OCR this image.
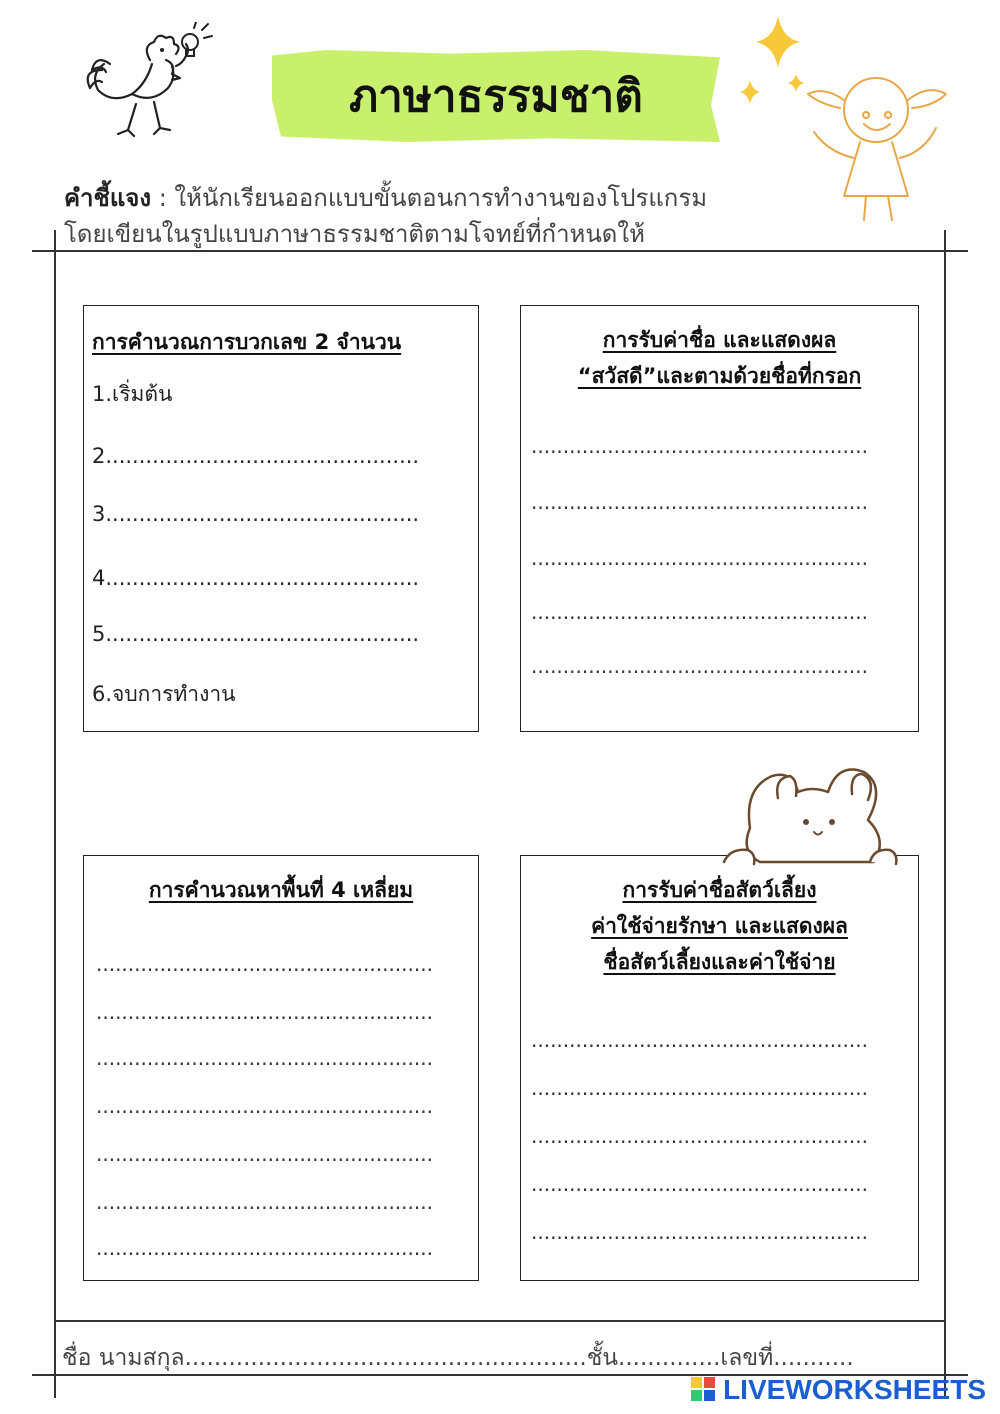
ภาษาธรรมชาติ
คำชี้แจง : ให้นักเรียนออกแบบขั้นตอนการทำงานของโปรแกรม
โดยเขียนในรูปแบบภาษาธรรมชาติตามโจทย์ที่กำหนดให้
การคำนวณการบวกเลข 2 จำนวน
1.เริ่มต้น
2...............................................
3...............................................
4...............................................
5...............................................
6.จบการทำงาน
การรับค่าชื่อ และแสดงผล
“สวัสดี”และตามด้วยชื่อที่กรอก
.....................................................
.....................................................
.....................................................
.....................................................
.....................................................
การคำนวณหาพื้นที่ 4 เหลี่ยม
.....................................................
.....................................................
.....................................................
.....................................................
.....................................................
.....................................................
.....................................................
การรับค่าชื่อสัตว์เลี้ยง
ค่าใช้จ่ายรักษา และแสดงผล
ชื่อสัตว์เลี้ยงและค่าใช้จ่าย
.....................................................
.....................................................
.....................................................
.....................................................
.....................................................
ชื่อ นามสกุล.......................................................ชั้น..............เลขที่...........
LIVEWORKSHEETS
